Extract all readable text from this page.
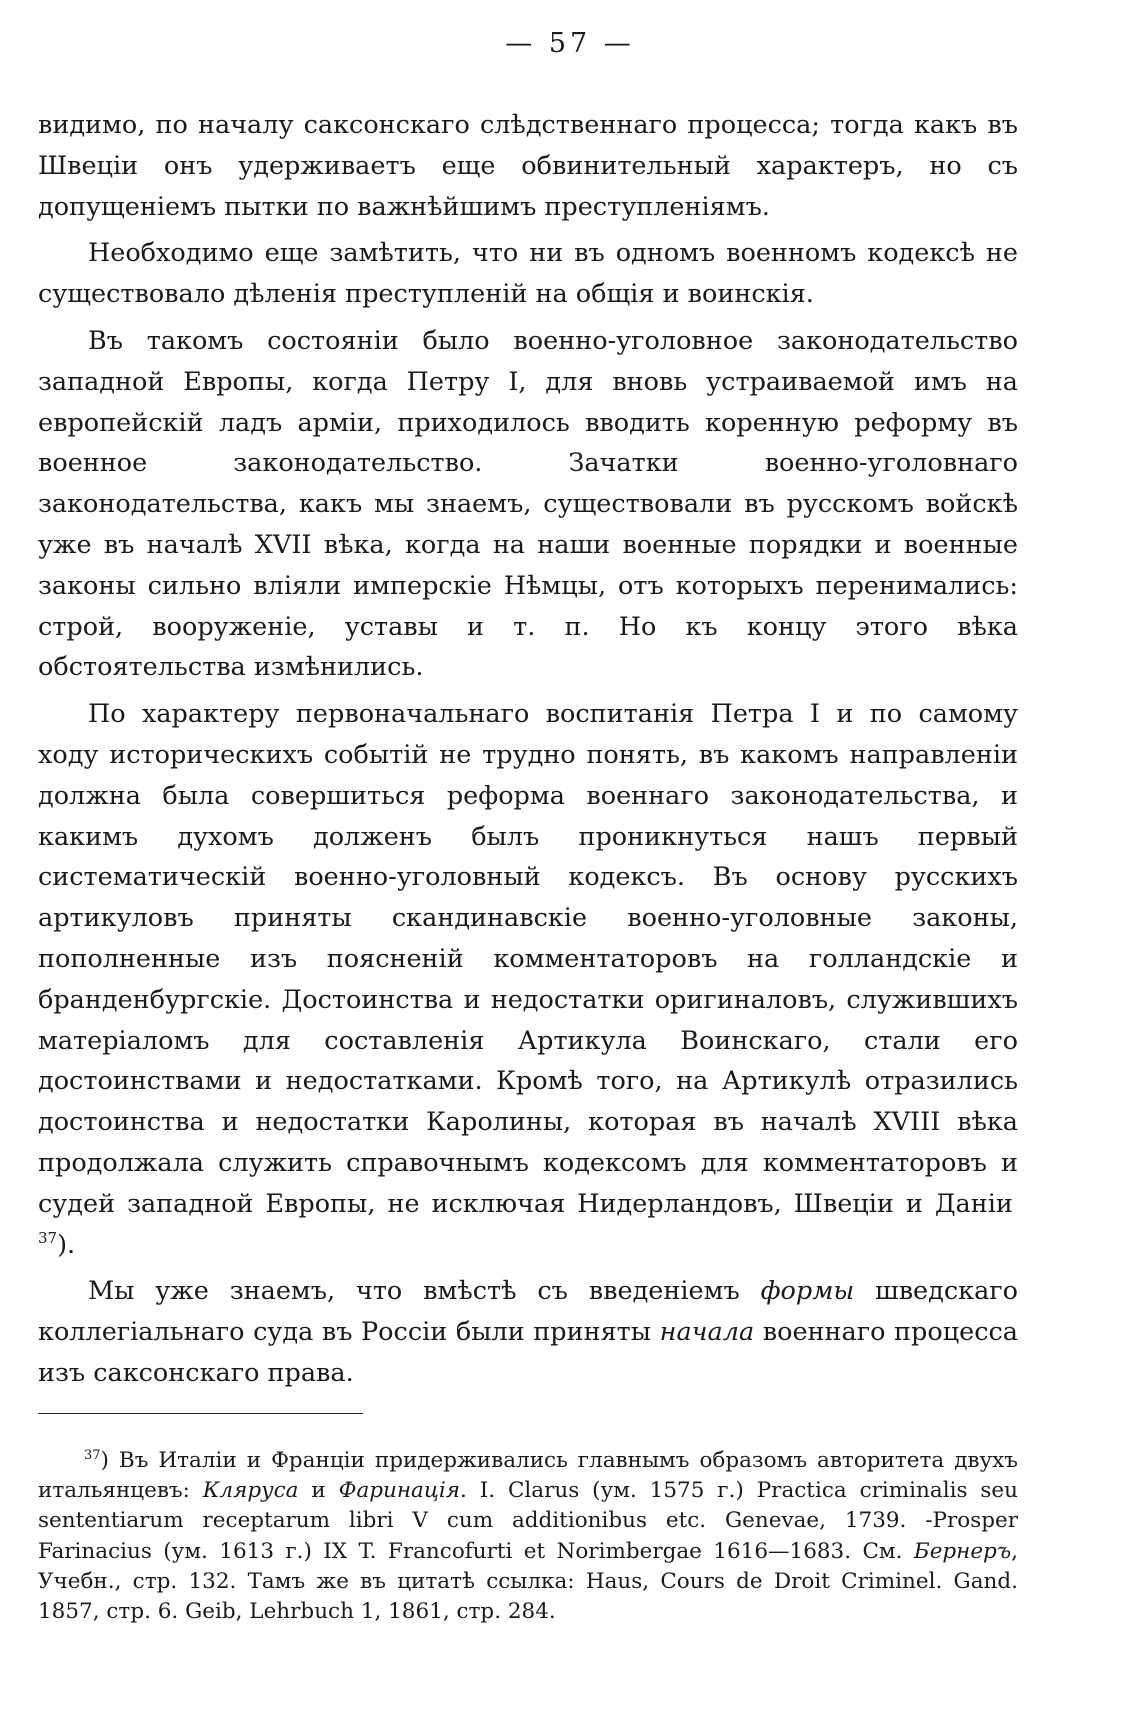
— 57 —

видимо, по началу саксонскаго слѣдственнаго процесса; тогда какъ въ Швеціи онъ удерживаетъ еще обвинительный характеръ, но съ допущеніемъ пытки по важнѣйшимъ преступленіямъ.

Необходимо еще замѣтить, что ни въ одномъ военномъ кодексѣ не существовало дѣленія преступленій на общія и воинскія.

Въ такомъ состояніи было военно-уголовное законодательство западной Европы, когда Петру I, для вновь устраиваемой имъ на европейскій ладъ арміи, приходилось вводить коренную реформу въ военное законодательство. Зачатки военно-уголовнаго законодательства, какъ мы знаемъ, существовали въ русскомъ войскѣ уже въ началѣ XVII вѣка, когда на наши военные порядки и военные законы сильно вліяли имперскіе Нѣмцы, отъ которыхъ перенимались: строй, вооруженіе, уставы и т. п. Но къ концу этого вѣка обстоятельства измѣнились.

По характеру первоначальнаго воспитанія Петра I и по самому ходу историческихъ событій не трудно понять, въ какомъ направленіи должна была совершиться реформа военнаго законодательства, и какимъ духомъ долженъ былъ проникнуться нашъ первый систематическій военно-уголовный кодексъ. Въ основу русскихъ артикуловъ приняты скандинавскіе военно-уголовные законы, пополненные изъ поясненій комментаторовъ на голландскіе и бранденбургскіе. Достоинства и недостатки оригиналовъ, служившихъ матеріаломъ для составленія Артикула Воинскаго, стали его достоинствами и недостатками. Кромѣ того, на Артикулѣ отразились достоинства и недостатки Каролины, которая въ началѣ XVIII вѣка продолжала служить справочнымъ кодексомъ для комментаторовъ и судей западной Европы, не исключая Нидерландовъ, Швеціи и Даніи $^{37}$).

Мы уже знаемъ, что вмѣстѣ съ введеніемъ формы шведскаго коллегіальнаго суда въ Россіи были приняты начала военнаго процесса изъ саксонскаго права.

$^{37}$) Въ Италіи и Франціи придерживались главнымъ образомъ авторитета двухъ итальянцевъ: Кляруса и Фаринацiя. I. Clarus (ум. 1575 г.) Practica criminalis seu sententiarum receptarum libri V cum additionibus etc. Genevae, 1739. -Prosper Farinacius (ум. 1613 г.) IX T. Francofurti et Norimbergae 1616—1683. См. Бернеръ, Учебн., стр. 132. Тамъ же въ цитатѣ ссылка: Haus, Cours de Droit Criminel. Gand. 1857, стр. 6. Geib, Lehrbuch 1, 1861, стр. 284.
